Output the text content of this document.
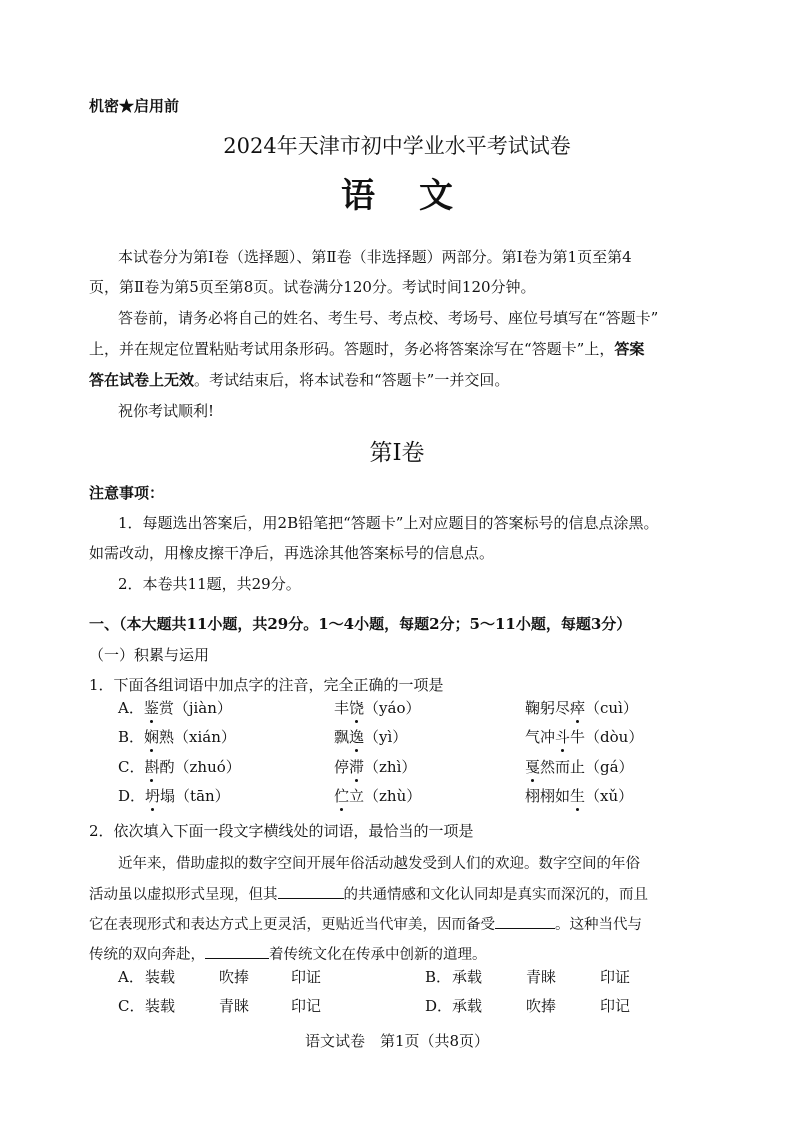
机密★启用前
2024年天津市初中学业水平考试试卷
语文
本试卷分为第Ⅰ卷（选择题）、第Ⅱ卷（非选择题）两部分。第Ⅰ卷为第1页至第4
页，第Ⅱ卷为第5页至第8页。试卷满分120分。考试时间120分钟。
答卷前，请务必将自己的姓名、考生号、考点校、考场号、座位号填写在“答题卡”
上，并在规定位置粘贴考试用条形码。答题时，务必将答案涂写在“答题卡”上，答案
答在试卷上无效。考试结束后，将本试卷和“答题卡”一并交回。
祝你考试顺利!
第Ⅰ卷
注意事项：
1．每题选出答案后，用2B铅笔把“答题卡”上对应题目的答案标号的信息点涂黑。
如需改动，用橡皮擦干净后，再选涂其他答案标号的信息点。
2．本卷共11题，共29分。
一、（本大题共11小题，共29分。1～4小题，每题2分；5～11小题，每题3分）
（一）积累与运用
1．下面各组词语中加点字的注音，完全正确的一项是
A．鉴赏（jiàn）	丰饶（yáo）	鞠躬尽瘁（cuì）
B．娴熟（xián）	飘逸（yì）	气冲斗牛（dòu）
C．斟酌（zhuó）	停滞（zhì）	戛然而止（gá）
D．坍塌（tān）	伫立（zhù）	栩栩如生（xǔ）
2．依次填入下面一段文字横线处的词语，最恰当的一项是
近年来，借助虚拟的数字空间开展年俗活动越发受到人们的欢迎。数字空间的年俗
活动虽以虚拟形式呈现，但其	的共通情感和文化认同却是真实而深沉的，而且
它在表现形式和表达方式上更灵活，更贴近当代审美，因而备受	。这种当代与
传统的双向奔赴，	着传统文化在传承中创新的道理。
A． 装载	吹捧	印证	B． 承载	青睐	印证
C． 装载	青睐	印记	D． 承载	吹捧	印记
语文试卷　第1页（共8页）
